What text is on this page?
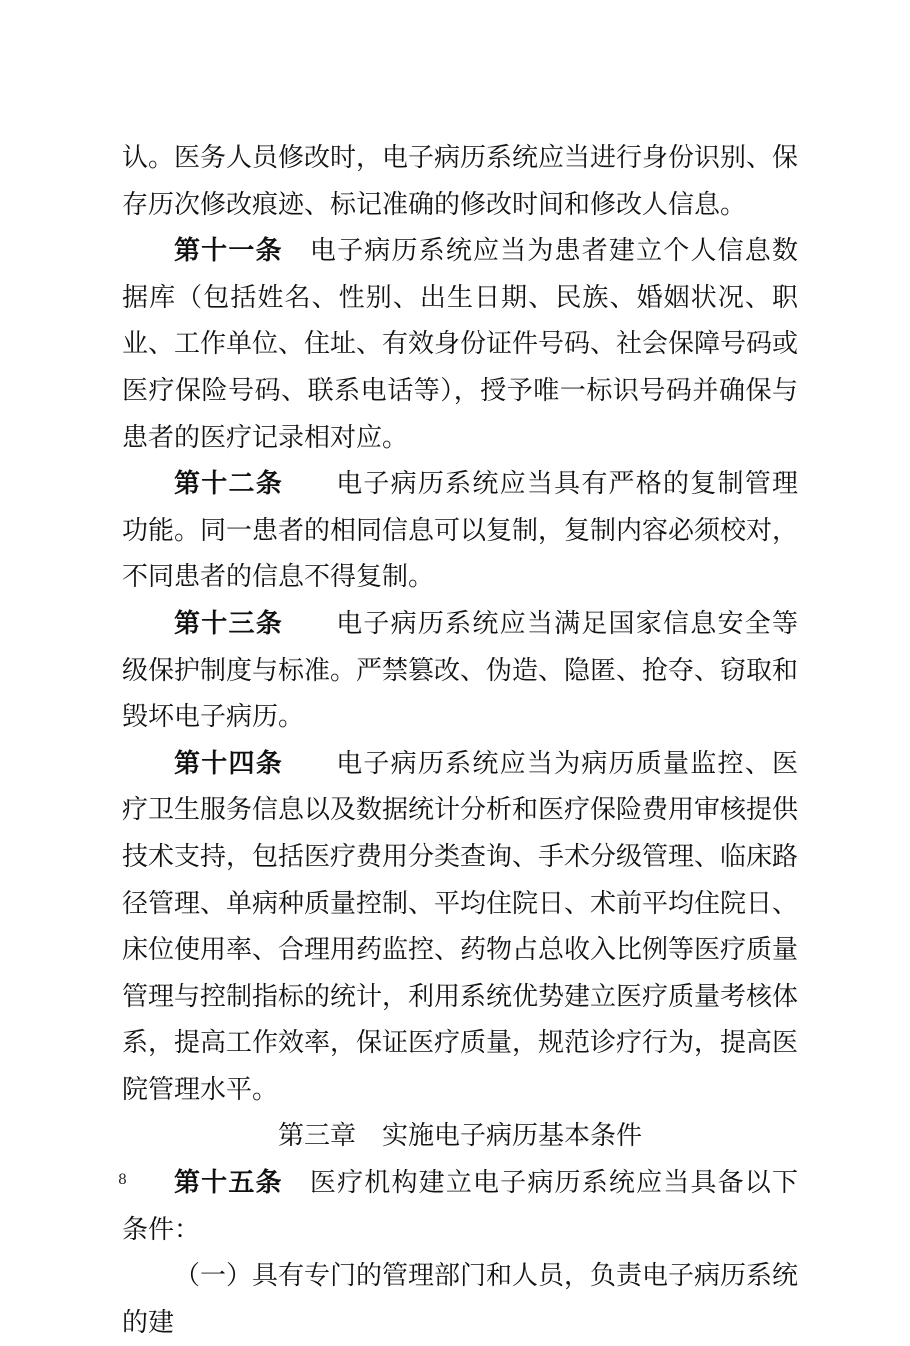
认。医务人员修改时，电子病历系统应当进行身份识别、保存历次修改痕迹、标记准确的修改时间和修改人信息。

第十一条 电子病历系统应当为患者建立个人信息数据库（包括姓名、性别、出生日期、民族、婚姻状况、职业、工作单位、住址、有效身份证件号码、社会保障号码或医疗保险号码、联系电话等），授予唯一标识号码并确保与患者的医疗记录相对应。

第十二条 电子病历系统应当具有严格的复制管理功能。同一患者的相同信息可以复制，复制内容必须校对，不同患者的信息不得复制。

第十三条 电子病历系统应当满足国家信息安全等级保护制度与标准。严禁篡改、伪造、隐匿、抢夺、窃取和毁坏电子病历。

第十四条 电子病历系统应当为病历质量监控、医疗卫生服务信息以及数据统计分析和医疗保险费用审核提供技术支持，包括医疗费用分类查询、手术分级管理、临床路径管理、单病种质量控制、平均住院日、术前平均住院日、床位使用率、合理用药监控、药物占总收入比例等医疗质量管理与控制指标的统计，利用系统优势建立医疗质量考核体系，提高工作效率，保证医疗质量，规范诊疗行为，提高医院管理水平。

第三章　实施电子病历基本条件

第十五条 医疗机构建立电子病历系统应当具备以下条件：

（一）具有专门的管理部门和人员，负责电子病历系统的建

8
